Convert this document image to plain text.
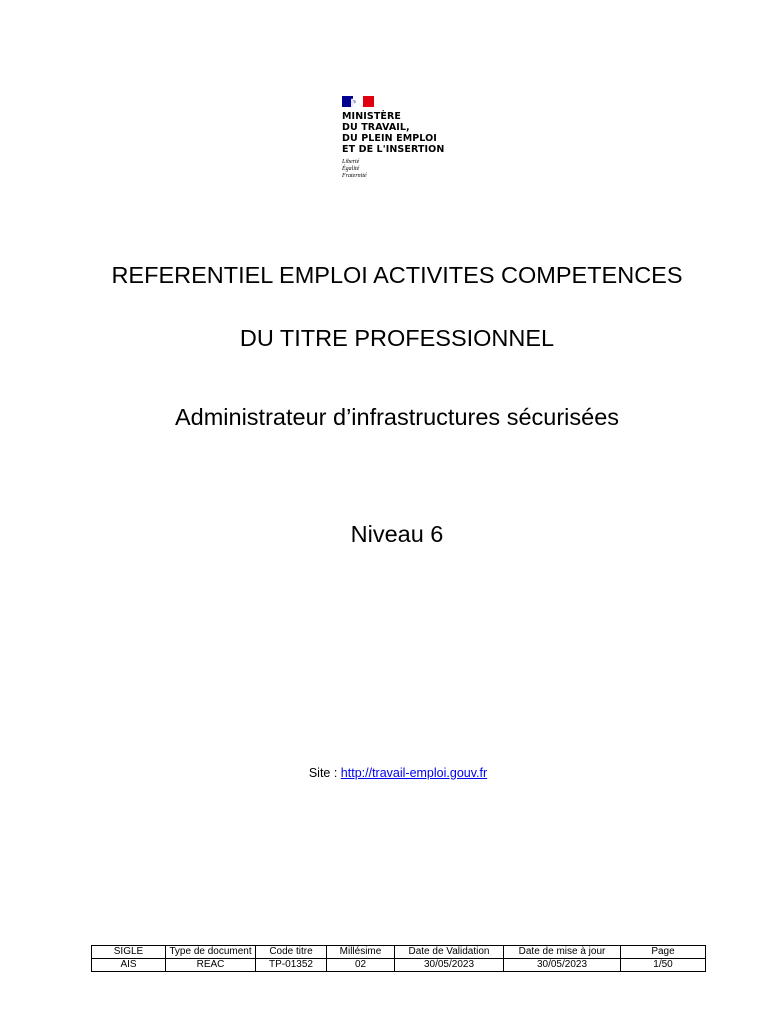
MINISTÈRE
DU TRAVAIL,
DU PLEIN EMPLOI
ET DE L'INSERTION
Liberté
Égalité
Fraternité
REFERENTIEL EMPLOI ACTIVITES COMPETENCES
DU TITRE PROFESSIONNEL
Administrateur d’infrastructures sécurisées
Niveau 6
Site : http://travail-emploi.gouv.fr
SIGLE	Type de document	Code titre	Millésime	Date de Validation	Date de mise à jour	Page
AIS	REAC	TP-01352	02	30/05/2023	30/05/2023	1/50
